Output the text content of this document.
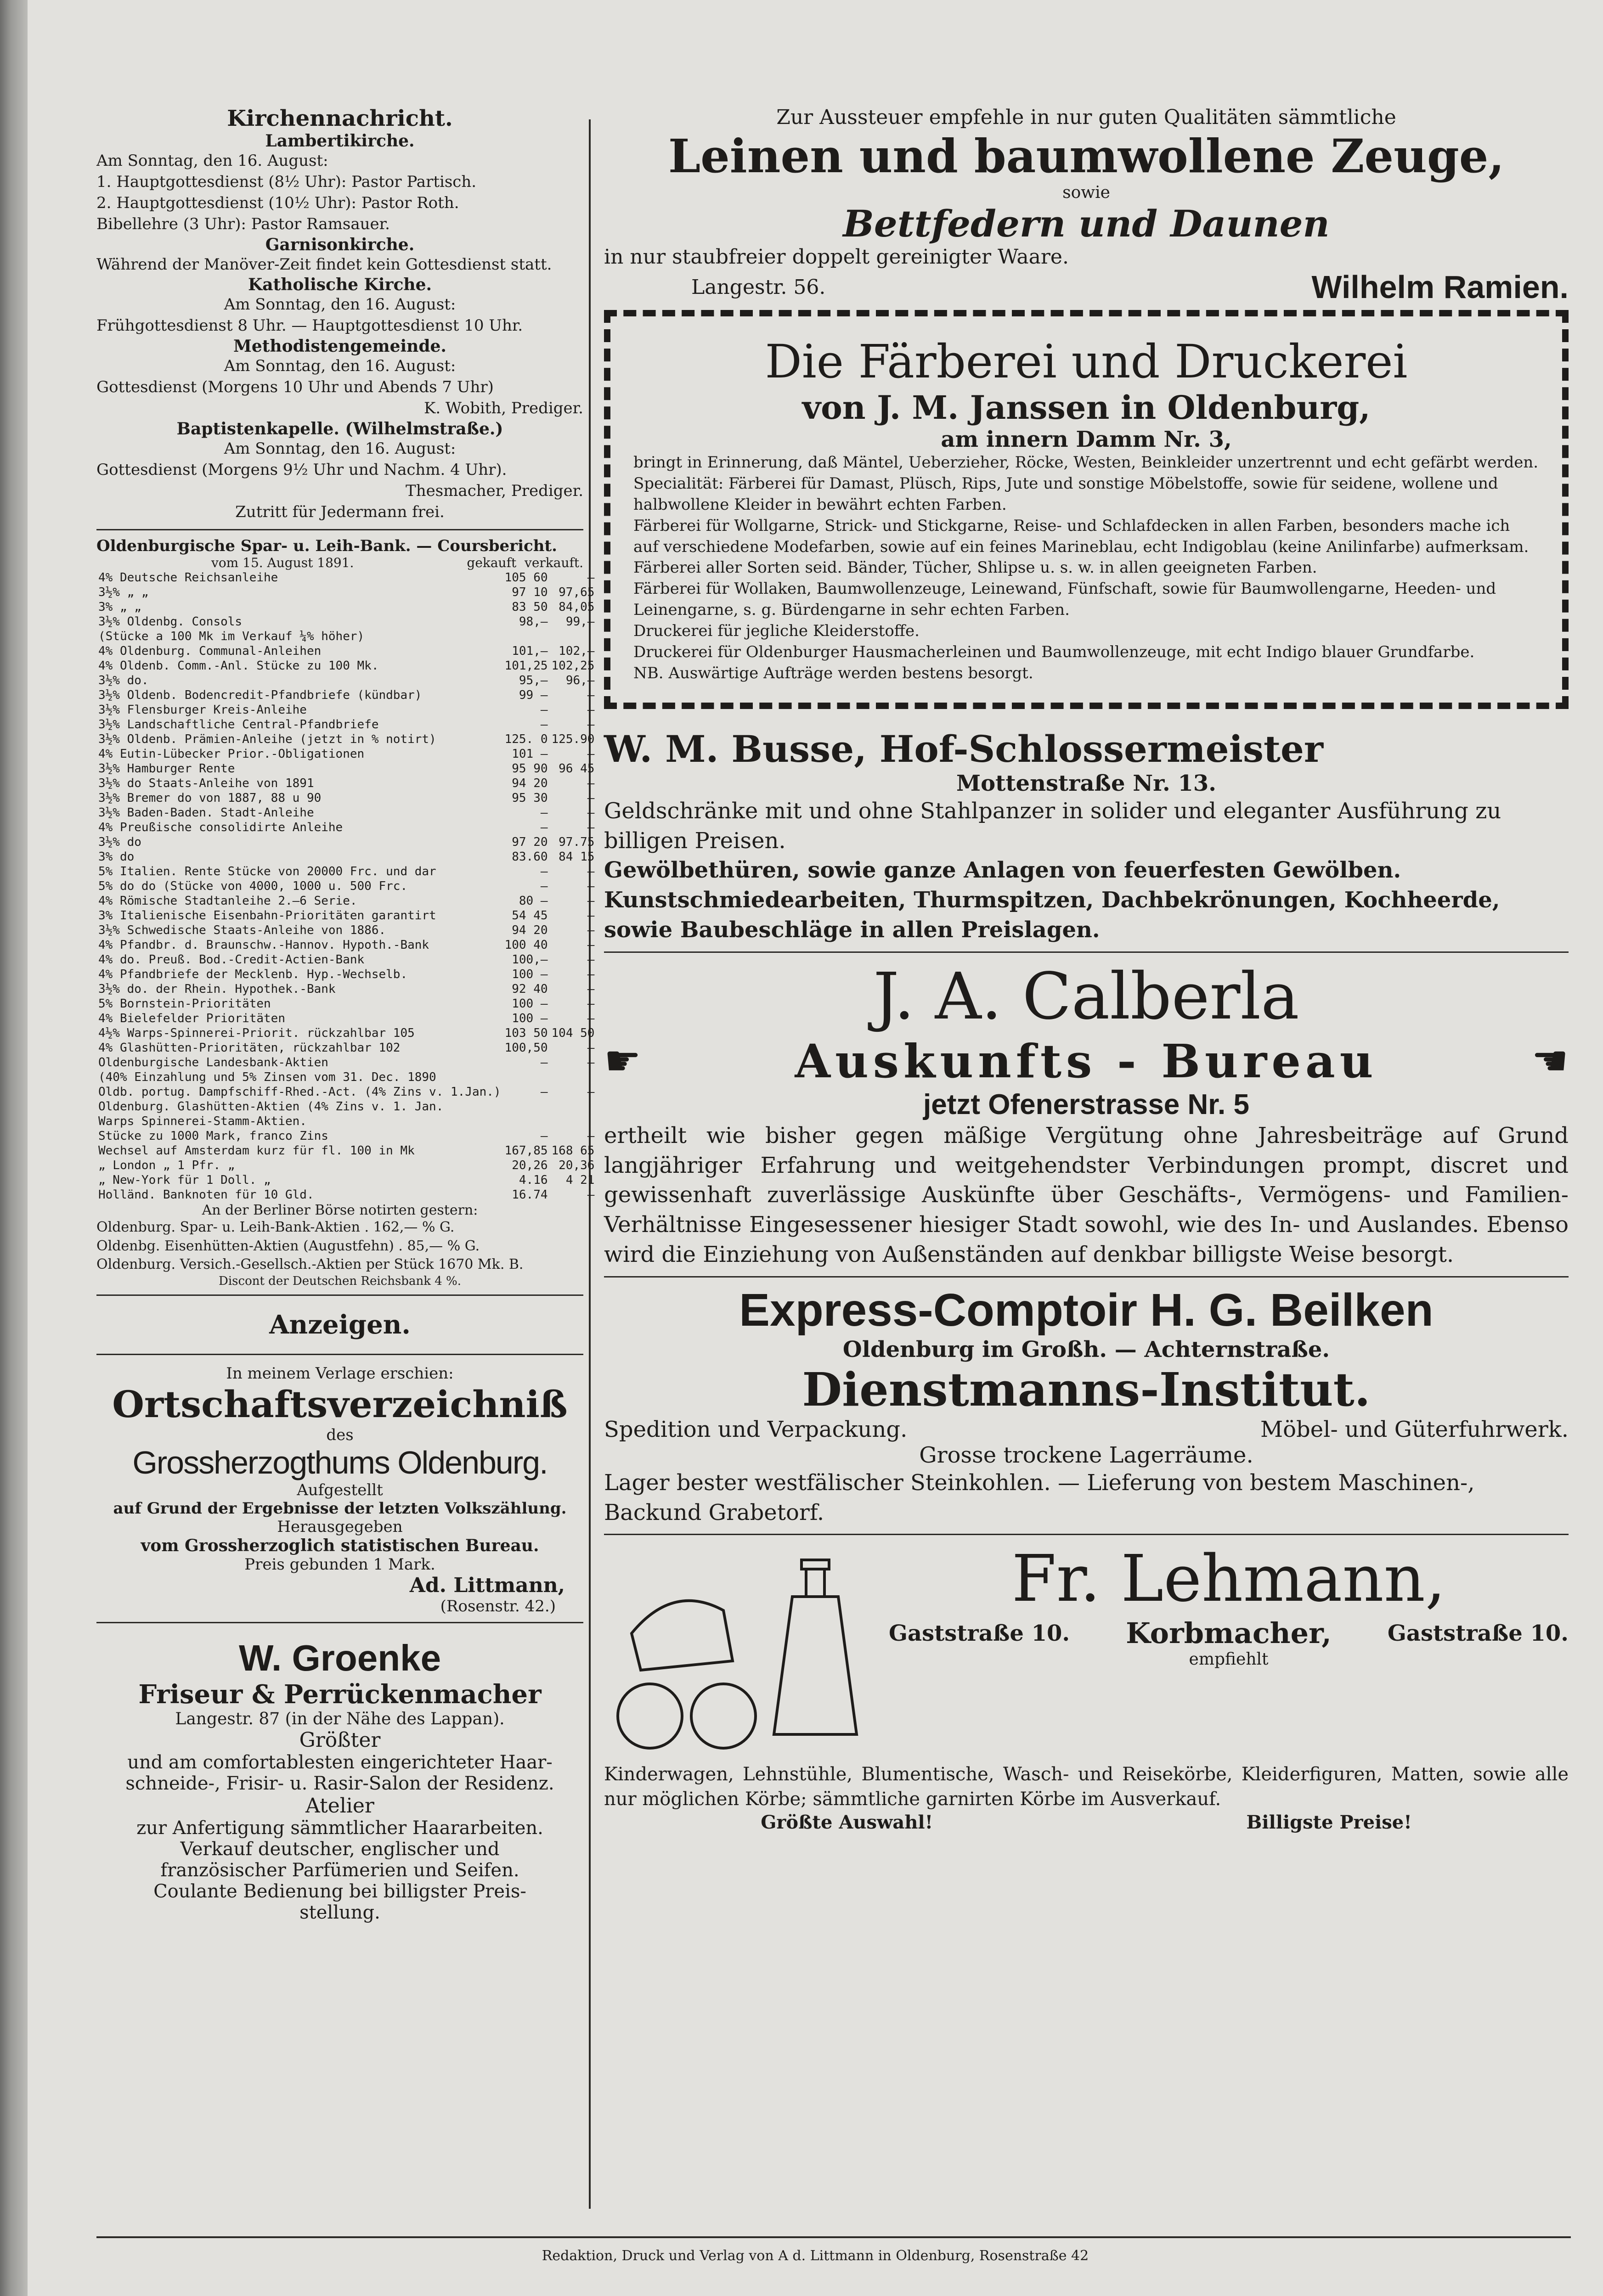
Kirchennachricht.
Lambertikirche.

Am Sonntag, den 16. August:

1. Hauptgottesdienst (8½ Uhr): Pastor Partisch.

2. Hauptgottesdienst (10½ Uhr): Pastor Roth.

Bibellehre (3 Uhr): Pastor Ramsauer.

Garnisonkirche.

Während der Manöver-Zeit findet kein Gottesdienst statt.

Katholische Kirche.

Am Sonntag, den 16. August:

Frühgottesdienst 8 Uhr. — Hauptgottesdienst 10 Uhr.

Methodistengemeinde.

Am Sonntag, den 16. August:

Gottesdienst (Morgens 10 Uhr und Abends 7 Uhr)

K. Wobith, Prediger.

Baptistenkapelle. (Wilhelmstraße.)

Am Sonntag, den 16. August:

Gottesdienst (Morgens 9½ Uhr und Nachm. 4 Uhr).

Thesmacher, Prediger.

Zutritt für Jedermann frei.

Oldenburgische Spar- u. Leih-Bank. — Coursbericht.
vom 15. August 1891.	gekauft verkauft.
4% Deutsche Reichsanleihe	105 60	—
3½% „ „	97 10	97,65
3% „ „	83 50	84,05
3½% Oldenbg. Consols	98,—	99,—
(Stücke a 100 Mk im Verkauf ¼% höher)		
4% Oldenburg. Communal-Anleihen	101,—	102,—
4% Oldenb. Comm.-Anl. Stücke zu 100 Mk.	101,25	102,25
3½% do.	95,—	96,—
3½% Oldenb. Bodencredit-Pfandbriefe (kündbar)	99 —	—
3½% Flensburger Kreis-Anleihe	—	—
3½% Landschaftliche Central-Pfandbriefe	—	—
3½% Oldenb. Prämien-Anleihe (jetzt in % notirt)	125. 0	125.90
4% Eutin-Lübecker Prior.-Obligationen	101 —	—
3½% Hamburger Rente	95 90	96 45
3½% do Staats-Anleihe von 1891	94 20	—
3½% Bremer do von 1887, 88 u 90	95 30	—
3½% Baden-Baden. Stadt-Anleihe	—	—
4% Preußische consolidirte Anleihe	—	—
3½% do	97 20	97.75
3% do	83.60	84 15
5% Italien. Rente Stücke von 20000 Frc. und dar	—	—
5% do do (Stücke von 4000, 1000 u. 500 Frc.	—	—
4% Römische Stadtanleihe 2.—6 Serie.	80 —	—
3% Italienische Eisenbahn-Prioritäten garantirt	54 45	—
3½% Schwedische Staats-Anleihe von 1886.	94 20	—
4% Pfandbr. d. Braunschw.-Hannov. Hypoth.-Bank	100 40	—
4% do. Preuß. Bod.-Credit-Actien-Bank	100,—	—
4% Pfandbriefe der Mecklenb. Hyp.-Wechselb.	100 —	—
3½% do. der Rhein. Hypothek.-Bank	92 40	—
5% Bornstein-Prioritäten	100 —	—
4% Bielefelder Prioritäten	100 —	—
4½% Warps-Spinnerei-Priorit. rückzahlbar 105	103 50	104 50
4% Glashütten-Prioritäten, rückzahlbar 102	100,50	—
Oldenburgische Landesbank-Aktien	—	—
(40% Einzahlung und 5% Zinsen vom 31. Dec. 1890		
Oldb. portug. Dampfschiff-Rhed.-Act. (4% Zins v. 1.Jan.)	—	—
Oldenburg. Glashütten-Aktien (4% Zins v. 1. Jan.		
Warps Spinnerei-Stamm-Aktien.		
Stücke zu 1000 Mark, franco Zins	—	—
Wechsel auf Amsterdam kurz für fl. 100 in Mk	167,85	168 65
„ London „ 1 Pfr. „	20,26	20,36
„ New-York für 1 Doll. „	4.16	4 21
Holländ. Banknoten für 10 Gld.	16.74	—
An der Berliner Börse notirten gestern:

Oldenburg. Spar- u. Leih-Bank-Aktien . 162,— % G.

Oldenbg. Eisenhütten-Aktien (Augustfehn) . 85,— % G.

Oldenburg. Versich.-Gesellsch.-Aktien per Stück 1670 Mk. B.

Discont der Deutschen Reichsbank 4 %.
Anzeigen.
In meinem Verlage erschien:
Ortschaftsverzeichniß
des
Grossherzogthums Oldenburg.
Aufgestellt
auf Grund der Ergebnisse der letzten Volkszählung.
Herausgegeben
vom Grossherzoglich statistischen Bureau.
Preis gebunden 1 Mark.
Ad. Littmann,
(Rosenstr. 42.)
W. Groenke
Friseur & Perrückenmacher
Langestr. 87 (in der Nähe des Lappan).
Größter
und am comfortablesten eingerichteter Haar-
schneide-, Frisir- u. Rasir-Salon der Residenz.
Atelier
zur Anfertigung sämmtlicher Haararbeiten.
Verkauf deutscher, englischer und
französischer Parfümerien und Seifen.
Coulante Bedienung bei billigster Preis-
stellung.
Zur Aussteuer empfehle in nur guten Qualitäten sämmtliche
Leinen und baumwollene Zeuge,
sowie
Bettfedern und Daunen
in nur staubfreier doppelt gereinigter Waare.
Langestr. 56.	Wilhelm Ramien.
Die Färberei und Druckerei
von J. M. Janssen in Oldenburg,
am innern Damm Nr. 3,

bringt in Erinnerung, daß Mäntel, Ueberzieher, Röcke, Westen, Beinkleider unzertrennt und echt gefärbt werden.

Specialität: Färberei für Damast, Plüsch, Rips, Jute und sonstige Möbelstoffe, sowie für seidene, wollene und halbwollene Kleider in bewährt echten Farben.

Färberei für Wollgarne, Strick- und Stickgarne, Reise- und Schlafdecken in allen Farben, besonders mache ich auf verschiedene Modefarben, sowie auf ein feines Marineblau, echt Indigoblau (keine Anilinfarbe) aufmerksam.

Färberei aller Sorten seid. Bänder, Tücher, Shlipse u. s. w. in allen geeigneten Farben.

Färberei für Wollaken, Baumwollenzeuge, Leinewand, Fünfschaft, sowie für Baumwollengarne, Heeden- und Leinengarne, s. g. Bürdengarne in sehr echten Farben.

Druckerei für jegliche Kleiderstoffe.

Druckerei für Oldenburger Hausmacherleinen und Baumwollenzeuge, mit echt Indigo blauer Grundfarbe.

NB. Auswärtige Aufträge werden bestens besorgt.

W. M. Busse, Hof-Schlossermeister
Mottenstraße Nr. 13.

Geldschränke mit und ohne Stahlpanzer in solider und eleganter Ausführung zu billigen Preisen.

Gewölbethüren, sowie ganze Anlagen von feuerfesten Gewölben.

Kunstschmiedearbeiten, Thurmspitzen, Dachbekrönungen, Kochheerde, sowie Baubeschläge in allen Preislagen.

J. A. Calberla
☛	Auskunfts - Bureau	☚
jetzt Ofenerstrasse Nr. 5

ertheilt wie bisher gegen mäßige Vergütung ohne Jahresbeiträge auf Grund langjähriger Erfahrung und weitgehendster Verbindungen prompt, discret und gewissenhaft zuverlässige Auskünfte über Geschäfts-, Vermögens- und Familien-Verhältnisse Eingesessener hiesiger Stadt sowohl, wie des In- und Auslandes. Ebenso wird die Einziehung von Außenständen auf denkbar billigste Weise besorgt.

Express-Comptoir H. G. Beilken
Oldenburg im Großh. — Achternstraße.
Dienstmanns-Institut.
Spedition und Verpackung.	Möbel- und Güterfuhrwerk.
Grosse trockene Lagerräume.

Lager bester westfälischer Steinkohlen. — Lieferung von bestem Maschinen-, Backund Grabetorf.

Fr. Lehmann,
Gaststraße 10. Korbmacher,	Gaststraße 10.
empfiehlt

Kinderwagen, Lehnstühle, Blumentische, Wasch- und Reisekörbe, Kleiderfiguren, Matten, sowie alle nur möglichen Körbe; sämmtliche garnirten Körbe im Ausverkauf.

Größte Auswahl!	Billigste Preise!
Redaktion, Druck und Verlag von A d. Littmann in Oldenburg, Rosenstraße 42
